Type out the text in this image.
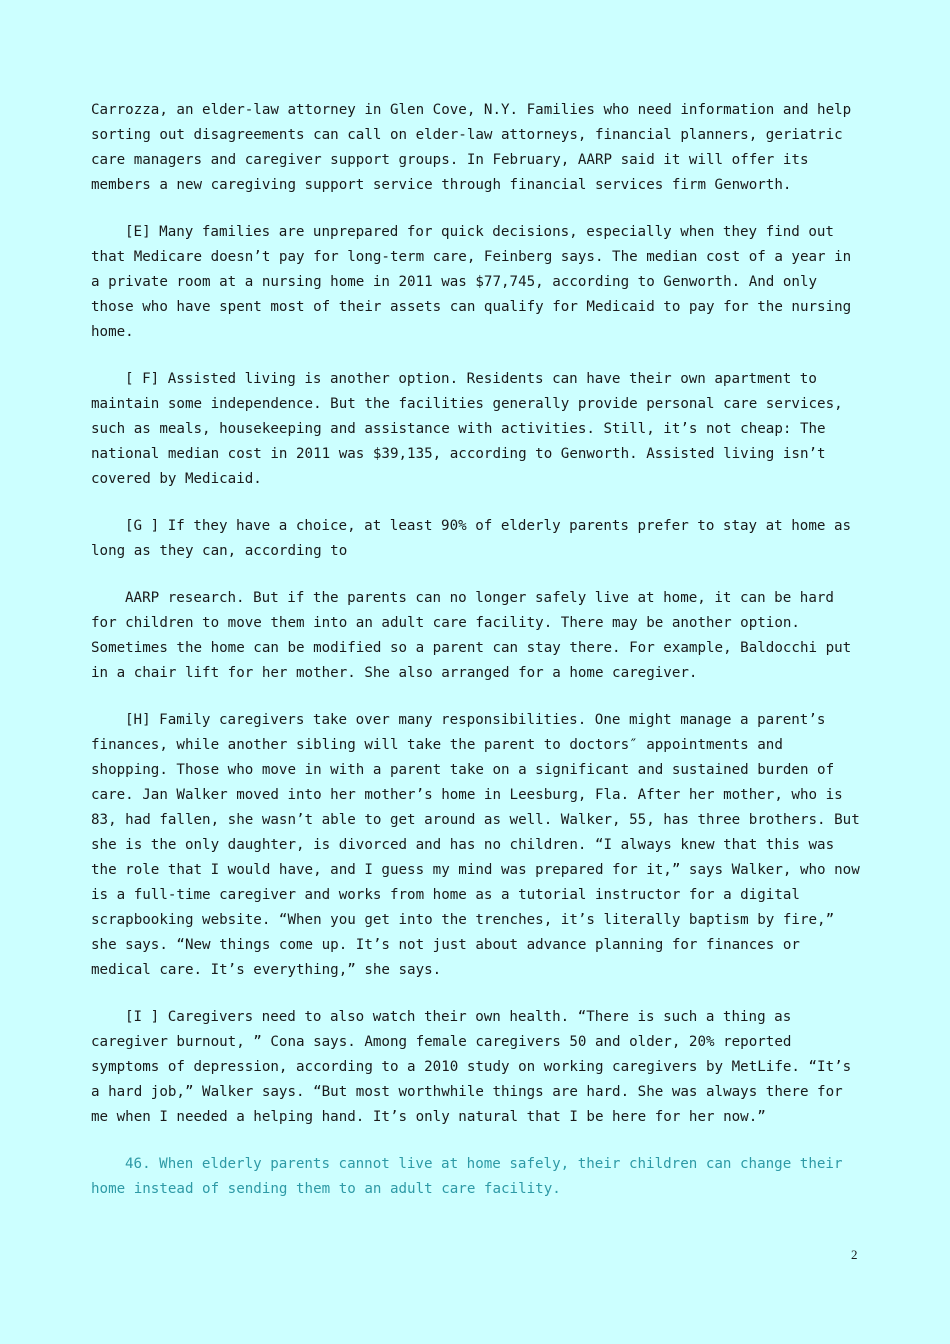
Carrozza, an elder-law attorney in Glen Cove, N.Y. Families who need information and help sorting out disagreements can call on elder-law attorneys, financial planners, geriatric care managers and caregiver support groups. In February, AARP said it will offer its members a new caregiving support service through financial services firm Genworth.

[E] Many families are unprepared for quick decisions, especially when they find out that Medicare doesn’t pay for long-term care, Feinberg says. The median cost of a year in a private room at a nursing home in 2011 was $77,745, according to Genworth. And only those who have spent most of their assets can qualify for Medicaid to pay for the nursing home.

[ F] Assisted living is another option. Residents can have their own apartment to maintain some independence. But the facilities generally provide personal care services, such as meals, housekeeping and assistance with activities. Still, it’s not cheap: The national median cost in 2011 was $39,135, according to Genworth. Assisted living isn’t covered by Medicaid.

[G ] If they have a choice, at least 90% of elderly parents prefer to stay at home as long as they can, according to

AARP research. But if the parents can no longer safely live at home, it can be hard for children to move them into an adult care facility. There may be another option. Sometimes the home can be modified so a parent can stay there. For example, Baldocchi put in a chair lift for her mother. She also arranged for a home caregiver.

[H] Family caregivers take over many responsibilities. One might manage a parent’s finances, while another sibling will take the parent to doctors″ appointments and shopping. Those who move in with a parent take on a significant and sustained burden of care. Jan Walker moved into her mother’s home in Leesburg, Fla. After her mother, who is 83, had fallen, she wasn’t able to get around as well. Walker, 55, has three brothers. But she is the only daughter, is divorced and has no children. “I always knew that this was the role that I would have, and I guess my mind was prepared for it,” says Walker, who now is a full-time caregiver and works from home as a tutorial instructor for a digital scrapbooking website. “When you get into the trenches, it’s literally baptism by fire,” she says. “New things come up. It’s not just about advance planning for finances or medical care. It’s everything,” she says.

[I ] Caregivers need to also watch their own health. “There is such a thing as caregiver burnout, ” Cona says. Among female caregivers 50 and older, 20% reported symptoms of depression, according to a 2010 study on working caregivers by MetLife. “It’s a hard job,” Walker says. “But most worthwhile things are hard. She was always there for me when I needed a helping hand. It’s only natural that I be here for her now.”

46. When elderly parents cannot live at home safely, their children can change their home instead of sending them to an adult care facility.

2
